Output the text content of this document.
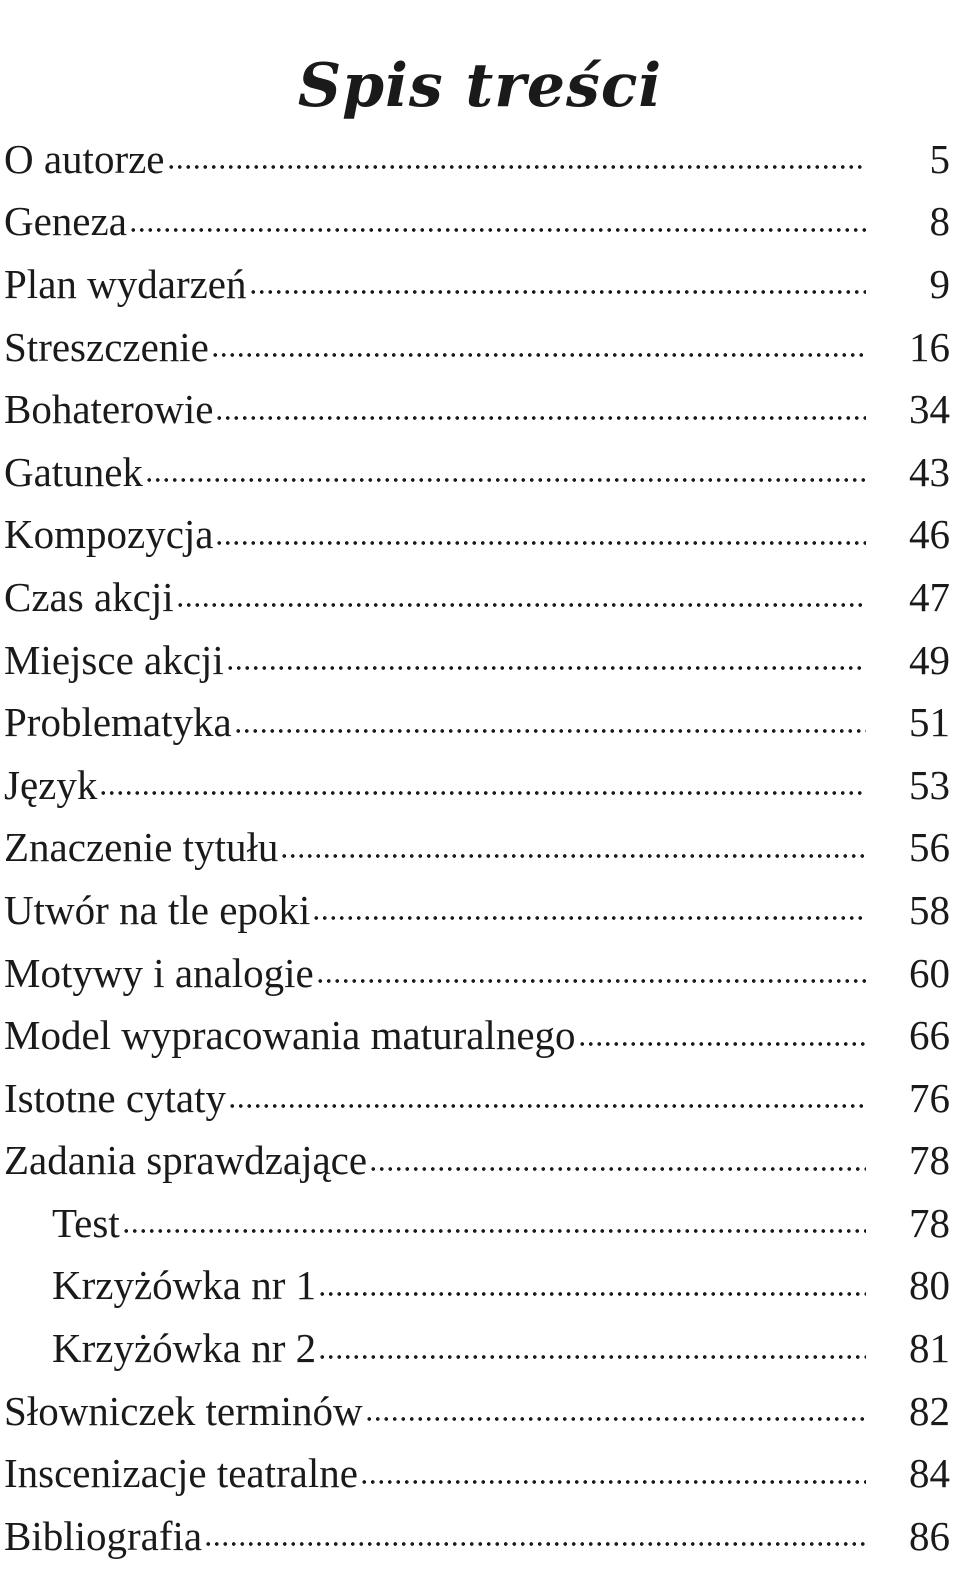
Spis treści
O autorze	5
Geneza	8
Plan wydarzeń	9
Streszczenie	16
Bohaterowie	34
Gatunek	43
Kompozycja	46
Czas akcji	47
Miejsce akcji	49
Problematyka	51
Język	53
Znaczenie tytułu	56
Utwór na tle epoki	58
Motywy i analogie	60
Model wypracowania maturalnego	66
Istotne cytaty	76
Zadania sprawdzające	78
Test	78
Krzyżówka nr 1	80
Krzyżówka nr 2	81
Słowniczek terminów	82
Inscenizacje teatralne	84
Bibliografia	86
